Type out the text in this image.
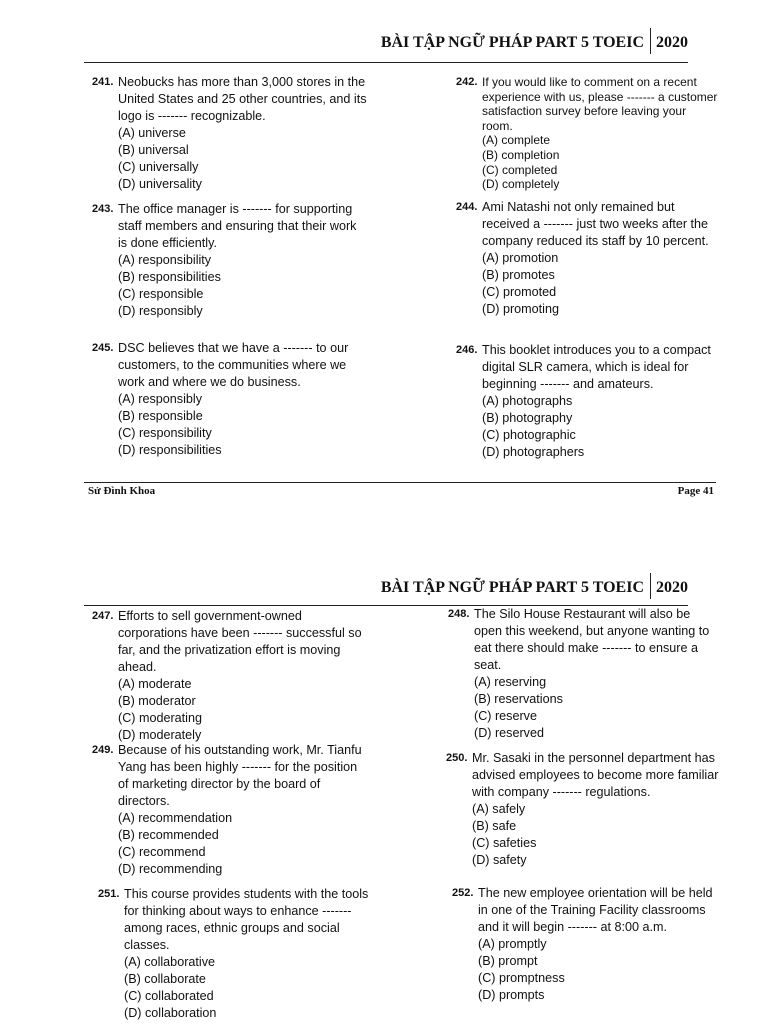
BÀI TẬP NGỮ PHÁP PART 5 TOEIC 2020
241. Neobucks has more than 3,000 stores in the United States and 25 other countries, and its logo is ------- recognizable.
(A) universe
(B) universal
(C) universally
(D) universality
242. If you would like to comment on a recent experience with us, please ------- a customer satisfaction survey before leaving your room.
(A) complete
(B) completion
(C) completed
(D) completely
243. The office manager is ------- for supporting staff members and ensuring that their work is done efficiently.
(A) responsibility
(B) responsibilities
(C) responsible
(D) responsibly
244. Ami Natashi not only remained but received a ------- just two weeks after the company reduced its staff by 10 percent.
(A) promotion
(B) promotes
(C) promoted
(D) promoting
245. DSC believes that we have a ------- to our customers, to the communities where we work and where we do business.
(A) responsibly
(B) responsible
(C) responsibility
(D) responsibilities
246. This booklet introduces you to a compact digital SLR camera, which is ideal for beginning ------- and amateurs.
(A) photographs
(B) photography
(C) photographic
(D) photographers
Sử Đình Khoa	Page 41
BÀI TẬP NGỮ PHÁP PART 5 TOEIC 2020
247. Efforts to sell government-owned corporations have been ------- successful so far, and the privatization effort is moving ahead.
(A) moderate
(B) moderator
(C) moderating
(D) moderately
248. The Silo House Restaurant will also be open this weekend, but anyone wanting to eat there should make ------- to ensure a seat.
(A) reserving
(B) reservations
(C) reserve
(D) reserved
249. Because of his outstanding work, Mr. Tianfu Yang has been highly ------- for the position of marketing director by the board of directors.
(A) recommendation
(B) recommended
(C) recommend
(D) recommending
250. Mr. Sasaki in the personnel department has advised employees to become more familiar with company ------- regulations.
(A) safely
(B) safe
(C) safeties
(D) safety
251. This course provides students with the tools for thinking about ways to enhance ------- among races, ethnic groups and social classes.
(A) collaborative
(B) collaborate
(C) collaborated
(D) collaboration
252. The new employee orientation will be held in one of the Training Facility classrooms and it will begin ------- at 8:00 a.m.
(A) promptly
(B) prompt
(C) promptness
(D) prompts
